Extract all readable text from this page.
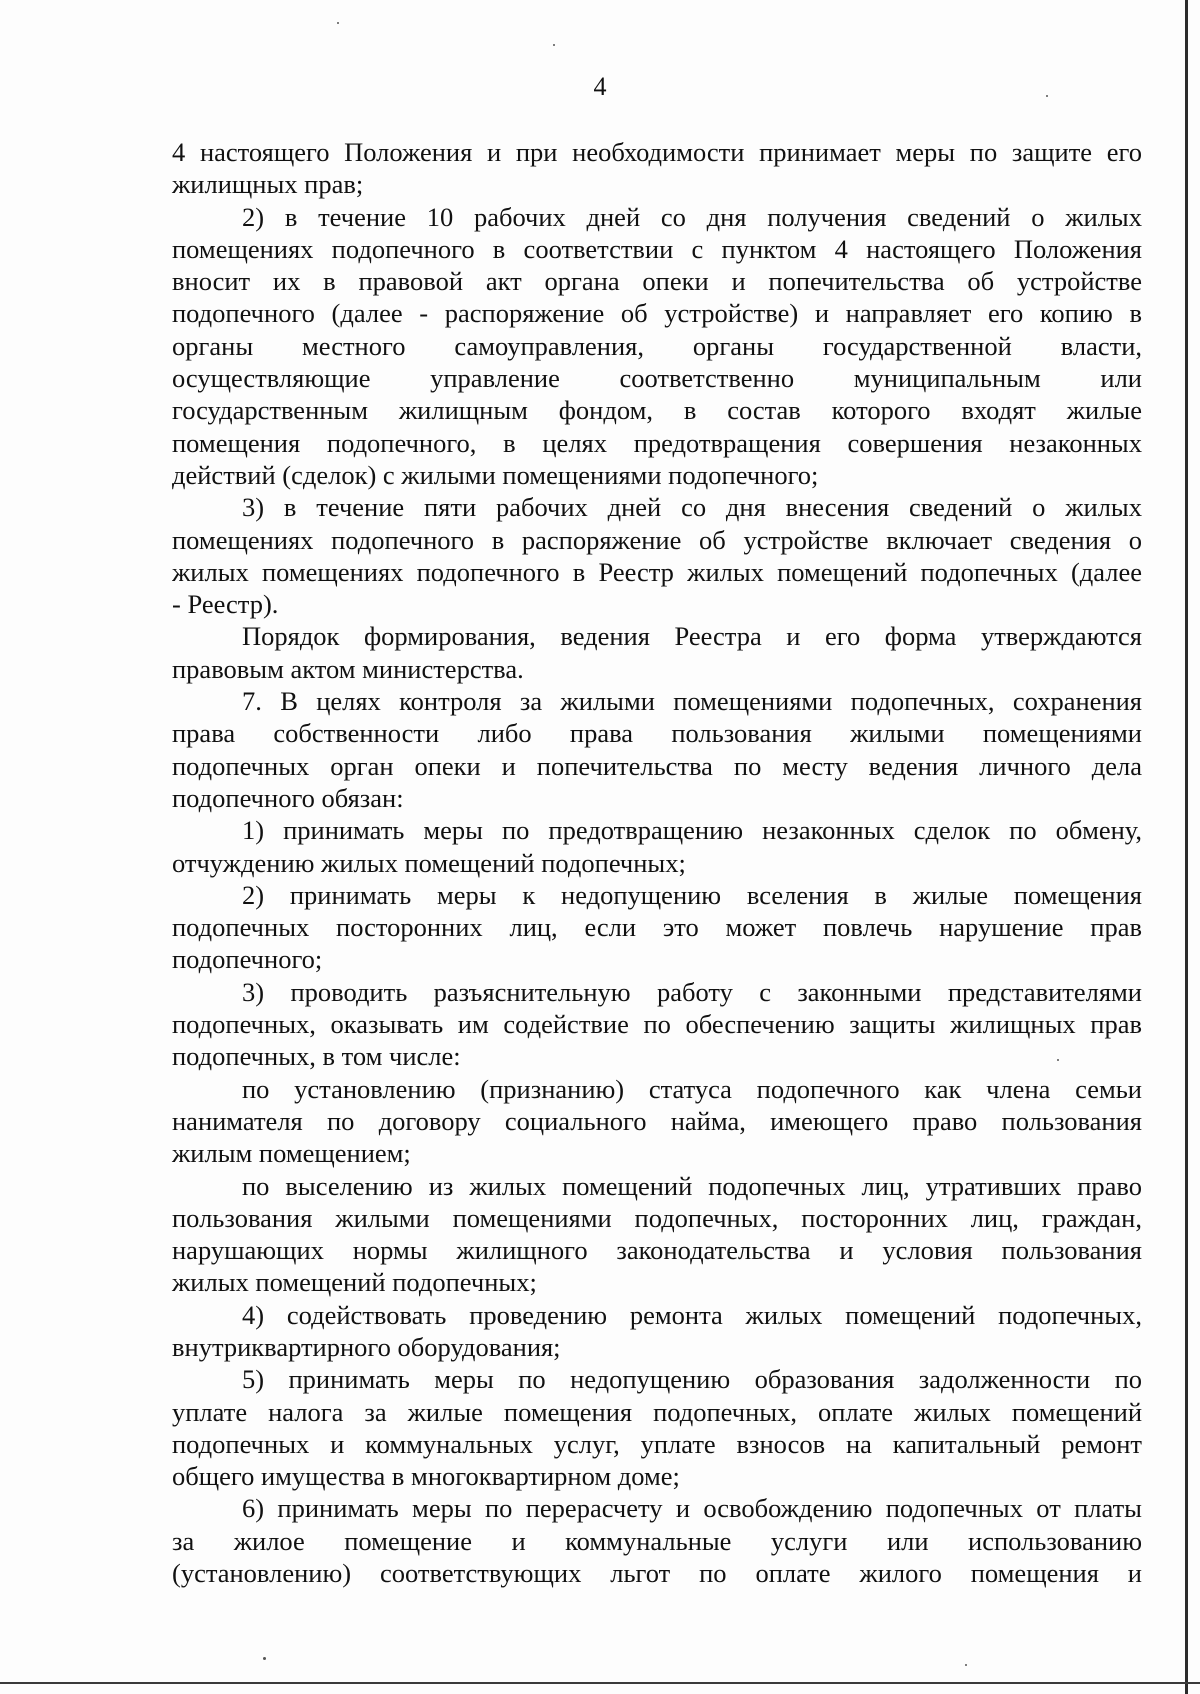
4
4 настоящего Положения и при необходимости принимает меры по защите его
жилищных прав;
2) в течение 10 рабочих дней со дня получения сведений о жилых
помещениях подопечного в соответствии с пунктом 4 настоящего Положения
вносит их в правовой акт органа опеки и попечительства об устройстве
подопечного (далее - распоряжение об устройстве) и направляет его копию в
органы местного самоуправления, органы государственной власти,
осуществляющие управление соответственно муниципальным или
государственным жилищным фондом, в состав которого входят жилые
помещения подопечного, в целях предотвращения совершения незаконных
действий (сделок) с жилыми помещениями подопечного;
3) в течение пяти рабочих дней со дня внесения сведений о жилых
помещениях подопечного в распоряжение об устройстве включает сведения о
жилых помещениях подопечного в Реестр жилых помещений подопечных (далее
- Реестр).
Порядок формирования, ведения Реестра и его форма утверждаются
правовым актом министерства.
7. В целях контроля за жилыми помещениями подопечных, сохранения
права собственности либо права пользования жилыми помещениями
подопечных орган опеки и попечительства по месту ведения личного дела
подопечного обязан:
1) принимать меры по предотвращению незаконных сделок по обмену,
отчуждению жилых помещений подопечных;
2) принимать меры к недопущению вселения в жилые помещения
подопечных посторонних лиц, если это может повлечь нарушение прав
подопечного;
3) проводить разъяснительную работу с законными представителями
подопечных, оказывать им содействие по обеспечению защиты жилищных прав
подопечных, в том числе:
по установлению (признанию) статуса подопечного как члена семьи
нанимателя по договору социального найма, имеющего право пользования
жилым помещением;
по выселению из жилых помещений подопечных лиц, утративших право
пользования жилыми помещениями подопечных, посторонних лиц, граждан,
нарушающих нормы жилищного законодательства и условия пользования
жилых помещений подопечных;
4) содействовать проведению ремонта жилых помещений подопечных,
внутриквартирного оборудования;
5) принимать меры по недопущению образования задолженности по
уплате налога за жилые помещения подопечных, оплате жилых помещений
подопечных и коммунальных услуг, уплате взносов на капитальный ремонт
общего имущества в многоквартирном доме;
6) принимать меры по перерасчету и освобождению подопечных от платы
за жилое помещение и коммунальные услуги или использованию
(установлению) соответствующих льгот по оплате жилого помещения и
